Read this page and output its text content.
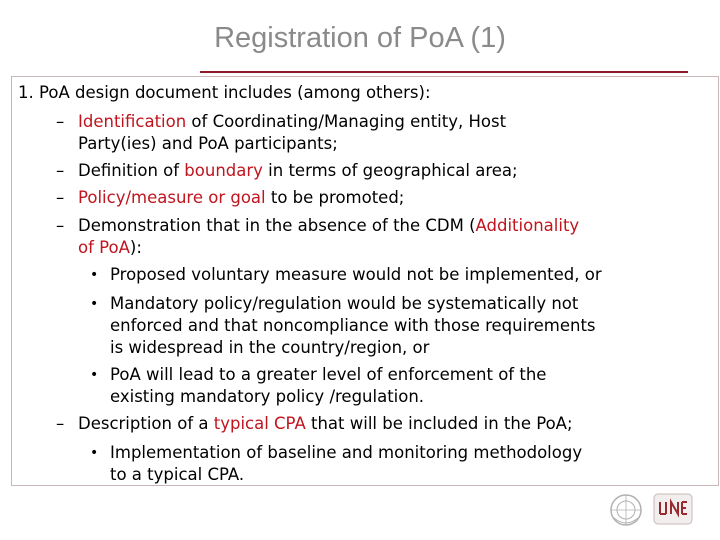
Registration of PoA (1)
1. PoA design document includes (among others):
– Identification of Coordinating/Managing entity, Host
Party(ies) and PoA participants;
– Definition of boundary in terms of geographical area;
– Policy/measure or goal to be promoted;
– Demonstration that in the absence of the CDM (Additionality
of PoA):
• Proposed voluntary measure would not be implemented, or
• Mandatory policy/regulation would be systematically not
enforced and that noncompliance with those requirements
is widespread in the country/region, or
• PoA will lead to a greater level of enforcement of the
existing mandatory policy /regulation.
– Description of a typical CPA that will be included in the PoA;
• Implementation of baseline and monitoring methodology
to a typical CPA.
